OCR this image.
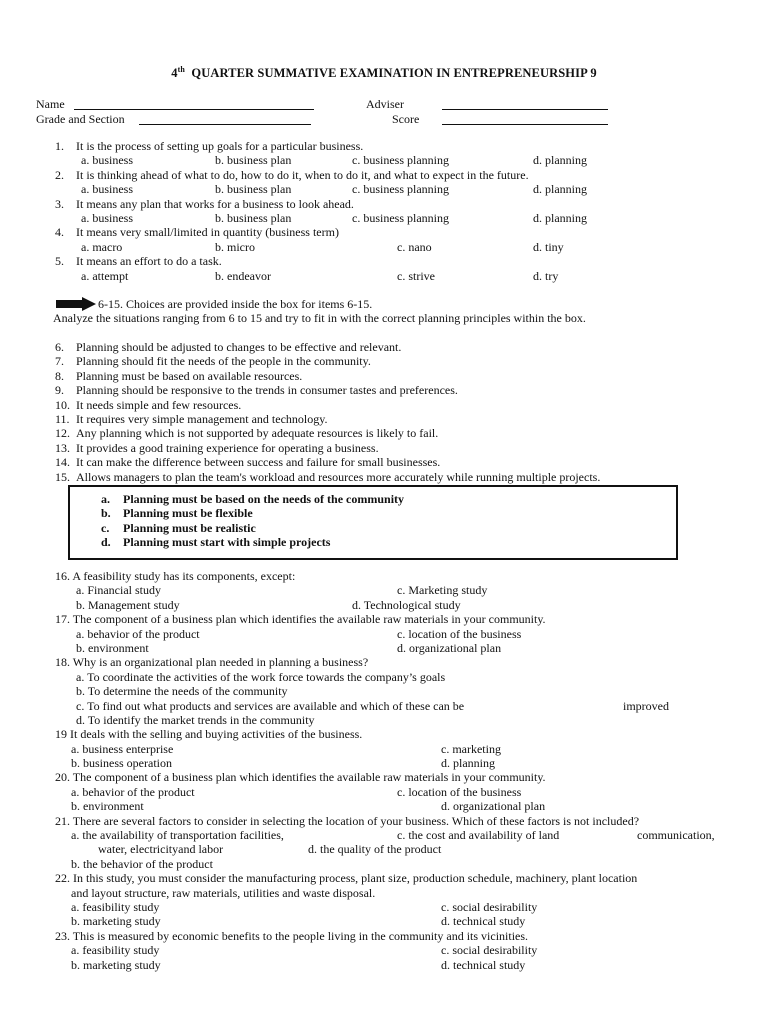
4th QUARTER SUMMATIVE EXAMINATION IN ENTREPRENEURSHIP 9
Name	Adviser
Grade and Section	Score
1. It is the process of setting up goals for a particular business.
a. business	b. business plan	c. business planning	d. planning
2. It is thinking ahead of what to do, how to do it, when to do it, and what to expect in the future.
a. business	b. business plan	c. business planning	d. planning
3. It means any plan that works for a business to look ahead.
a. business	b. business plan	c. business planning	d. planning
4. It means very small/limited in quantity (business term)
a. macro	b. micro	c. nano	d. tiny
5. It means an effort to do a task.
a. attempt	b. endeavor	c. strive	d. try
6-15. Choices are provided inside the box for items 6-15.
Analyze the situations ranging from 6 to 15 and try to fit in with the correct planning principles within the box.
6. Planning should be adjusted to changes to be effective and relevant.
7. Planning should fit the needs of the people in the community.
8. Planning must be based on available resources.
9. Planning should be responsive to the trends in consumer tastes and preferences.
10. It needs simple and few resources.
11. It requires very simple management and technology.
12. Any planning which is not supported by adequate resources is likely to fail.
13. It provides a good training experience for operating a business.
14. It can make the difference between success and failure for small businesses.
15. Allows managers to plan the team's workload and resources more accurately while running multiple projects.
a. Planning must be based on the needs of the community
b. Planning must be flexible
c. Planning must be realistic
d. Planning must start with simple projects
16. A feasibility study has its components, except:
a. Financial study	c. Marketing study
b. Management study	d. Technological study
17. The component of a business plan which identifies the available raw materials in your community.
a. behavior of the product	c. location of the business
b. environment	d. organizational plan
18. Why is an organizational plan needed in planning a business?
a. To coordinate the activities of the work force towards the company’s goals
b. To determine the needs of the community
c. To find out what products and services are available and which of these can be	improved
d. To identify the market trends in the community
19 It deals with the selling and buying activities of the business.
a. business enterprise	c. marketing
b. business operation	d. planning
20. The component of a business plan which identifies the available raw materials in your community.
a. behavior of the product	c. location of the business
b. environment	d. organizational plan
21. There are several factors to consider in selecting the location of your business. Which of these factors is not included?
a. the availability of transportation facilities,	c. the cost and availability of land	communication,
water, electricityand labor	d. the quality of the product
b. the behavior of the product
22. In this study, you must consider the manufacturing process, plant size, production schedule, machinery, plant location
and layout structure, raw materials, utilities and waste disposal.
a. feasibility study	c. social desirability
b. marketing study	d. technical study
23. This is measured by economic benefits to the people living in the community and its vicinities.
a. feasibility study	c. social desirability
b. marketing study	d. technical study
